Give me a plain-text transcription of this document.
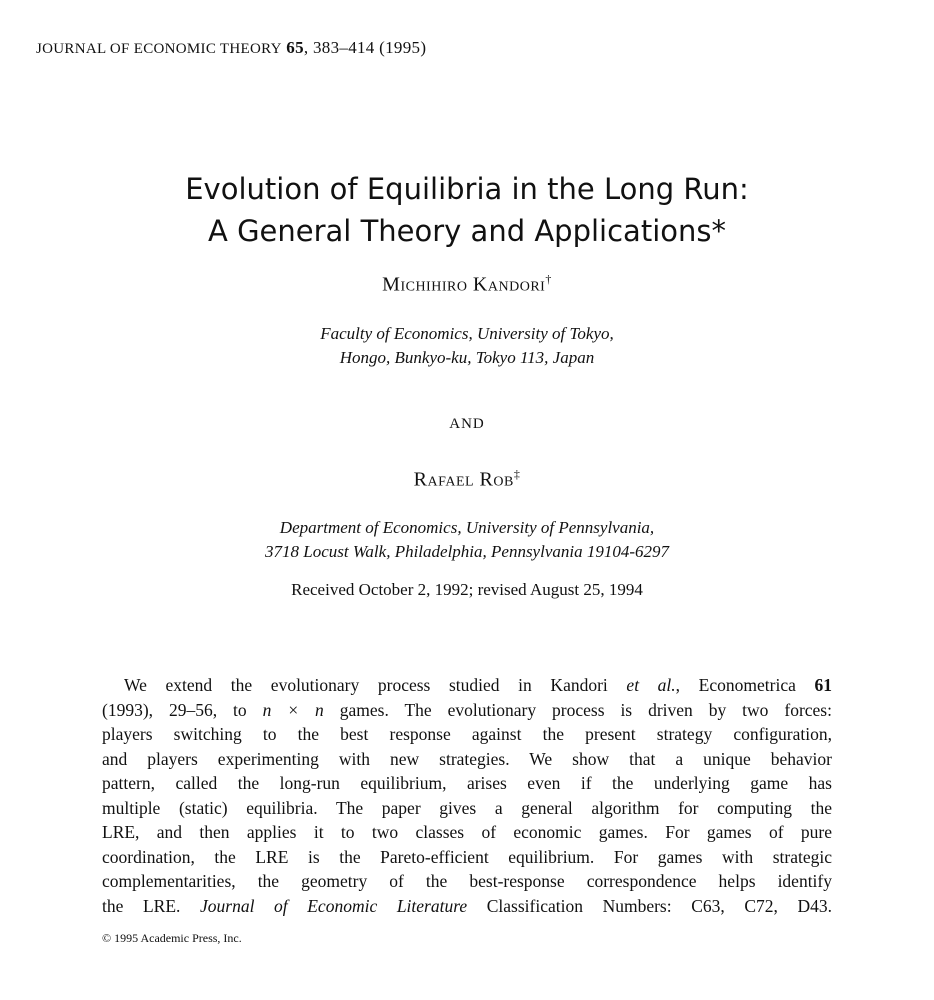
JOURNAL OF ECONOMIC THEORY 65, 383–414 (1995)
Evolution of Equilibria in the Long Run:
A General Theory and Applications*
Michihiro Kandori†
Faculty of Economics, University of Tokyo,
Hongo, Bunkyo-ku, Tokyo 113, Japan
AND
Rafael Rob‡
Department of Economics, University of Pennsylvania,
3718 Locust Walk, Philadelphia, Pennsylvania 19104-6297
Received October 2, 1992; revised August 25, 1994
We extend the evolutionary process studied in Kandori et al., Econometrica 61
(1993), 29–56, to n × n games. The evolutionary process is driven by two forces:
players switching to the best response against the present strategy configuration,
and players experimenting with new strategies. We show that a unique behavior
pattern, called the long-run equilibrium, arises even if the underlying game has
multiple (static) equilibria. The paper gives a general algorithm for computing the
LRE, and then applies it to two classes of economic games. For games of pure
coordination, the LRE is the Pareto-efficient equilibrium. For games with strategic
complementarities, the geometry of the best-response correspondence helps identify
the LRE. Journal of Economic Literature Classification Numbers: C63, C72, D43.
© 1995 Academic Press, Inc.
